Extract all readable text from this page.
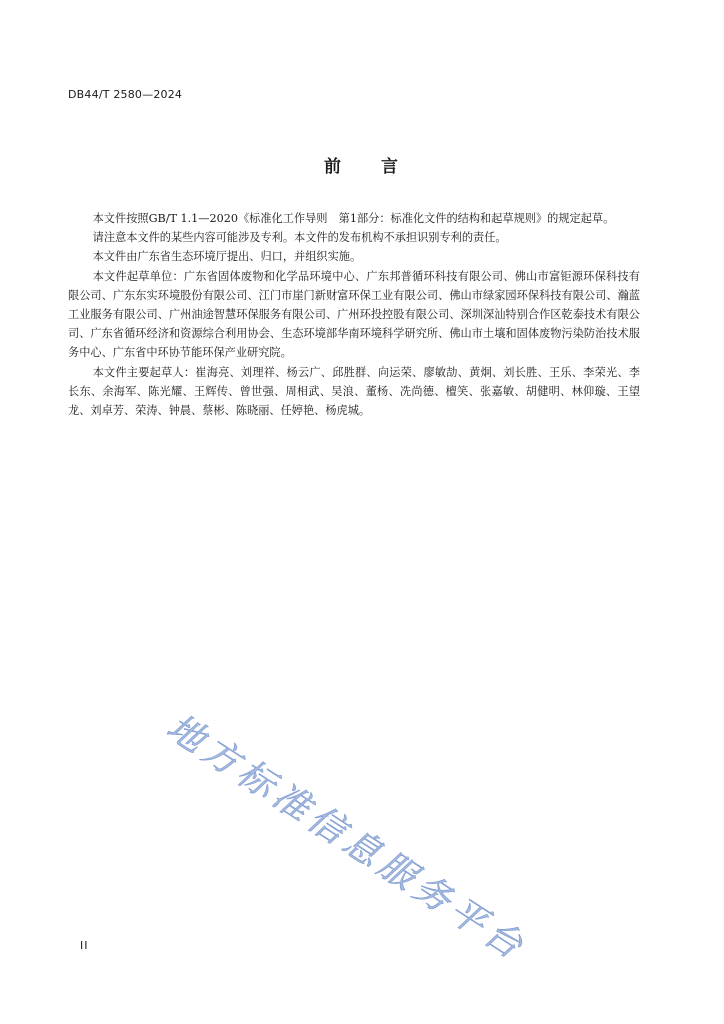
DB44/T 2580—2024
前 言

本文件按照GB/T 1.1—2020《标准化工作导则　第1部分：标准化文件的结构和起草规则》的规定起草。

请注意本文件的某些内容可能涉及专利。本文件的发布机构不承担识别专利的责任。

本文件由广东省生态环境厅提出、归口，并组织实施。

本文件起草单位：广东省固体废物和化学品环境中心、广东邦普循环科技有限公司、佛山市富钜源环保科技有限公司、广东东实环境股份有限公司、江门市崖门新财富环保工业有限公司、佛山市绿家园环保科技有限公司、瀚蓝工业服务有限公司、广州油途智慧环保服务有限公司、广州环投控股有限公司、深圳深汕特别合作区乾泰技术有限公司、广东省循环经济和资源综合利用协会、生态环境部华南环境科学研究所、佛山市土壤和固体废物污染防治技术服务中心、广东省中环协节能环保产业研究院。

本文件主要起草人：崔海亮、刘理祥、杨云广、邱胜群、向运荣、廖敏劼、黄炯、刘长胜、王乐、李荣光、李长东、余海军、陈光耀、王辉传、曾世强、周相武、吴浪、董杨、冼尚德、檀笑、张嘉敏、胡健明、林仰璇、王望龙、刘卓芳、荣涛、钟晨、蔡彬、陈晓丽、任婷艳、杨虎城。

地方标准信息服务平台
II
